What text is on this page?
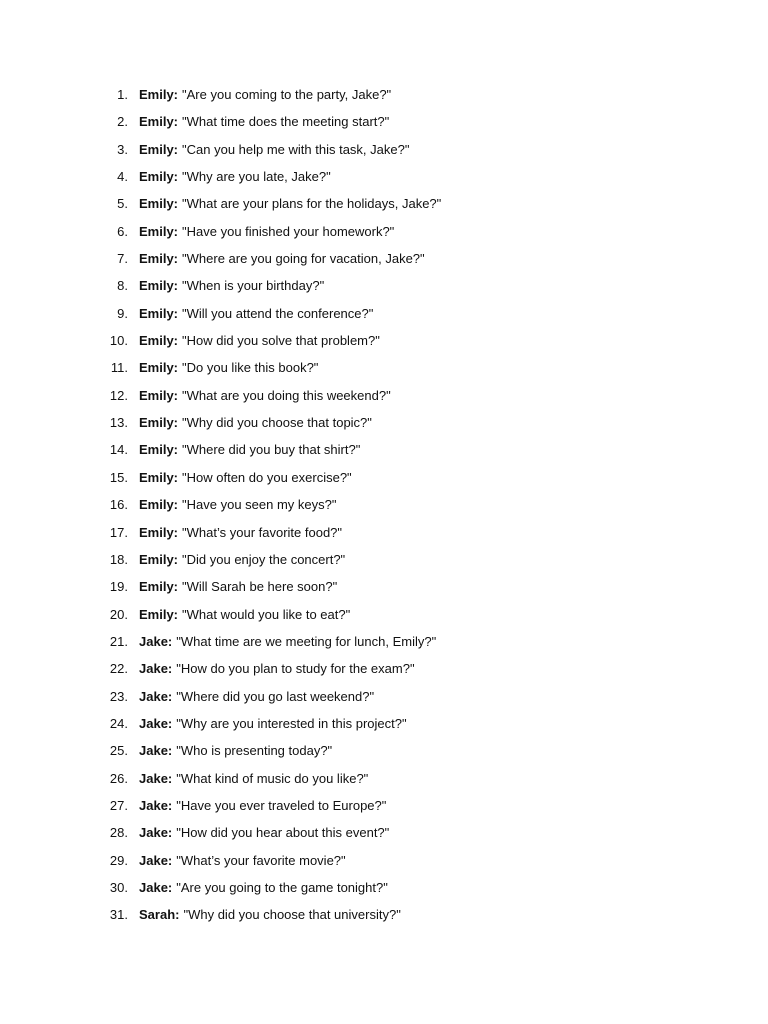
1. Emily: "Are you coming to the party, Jake?"
2. Emily: "What time does the meeting start?"
3. Emily: "Can you help me with this task, Jake?"
4. Emily: "Why are you late, Jake?"
5. Emily: "What are your plans for the holidays, Jake?"
6. Emily: "Have you finished your homework?"
7. Emily: "Where are you going for vacation, Jake?"
8. Emily: "When is your birthday?"
9. Emily: "Will you attend the conference?"
10. Emily: "How did you solve that problem?"
11. Emily: "Do you like this book?"
12. Emily: "What are you doing this weekend?"
13. Emily: "Why did you choose that topic?"
14. Emily: "Where did you buy that shirt?"
15. Emily: "How often do you exercise?"
16. Emily: "Have you seen my keys?"
17. Emily: "What’s your favorite food?"
18. Emily: "Did you enjoy the concert?"
19. Emily: "Will Sarah be here soon?"
20. Emily: "What would you like to eat?"
21. Jake: "What time are we meeting for lunch, Emily?"
22. Jake: "How do you plan to study for the exam?"
23. Jake: "Where did you go last weekend?"
24. Jake: "Why are you interested in this project?"
25. Jake: "Who is presenting today?"
26. Jake: "What kind of music do you like?"
27. Jake: "Have you ever traveled to Europe?"
28. Jake: "How did you hear about this event?"
29. Jake: "What’s your favorite movie?"
30. Jake: "Are you going to the game tonight?"
31. Sarah: "Why did you choose that university?"
